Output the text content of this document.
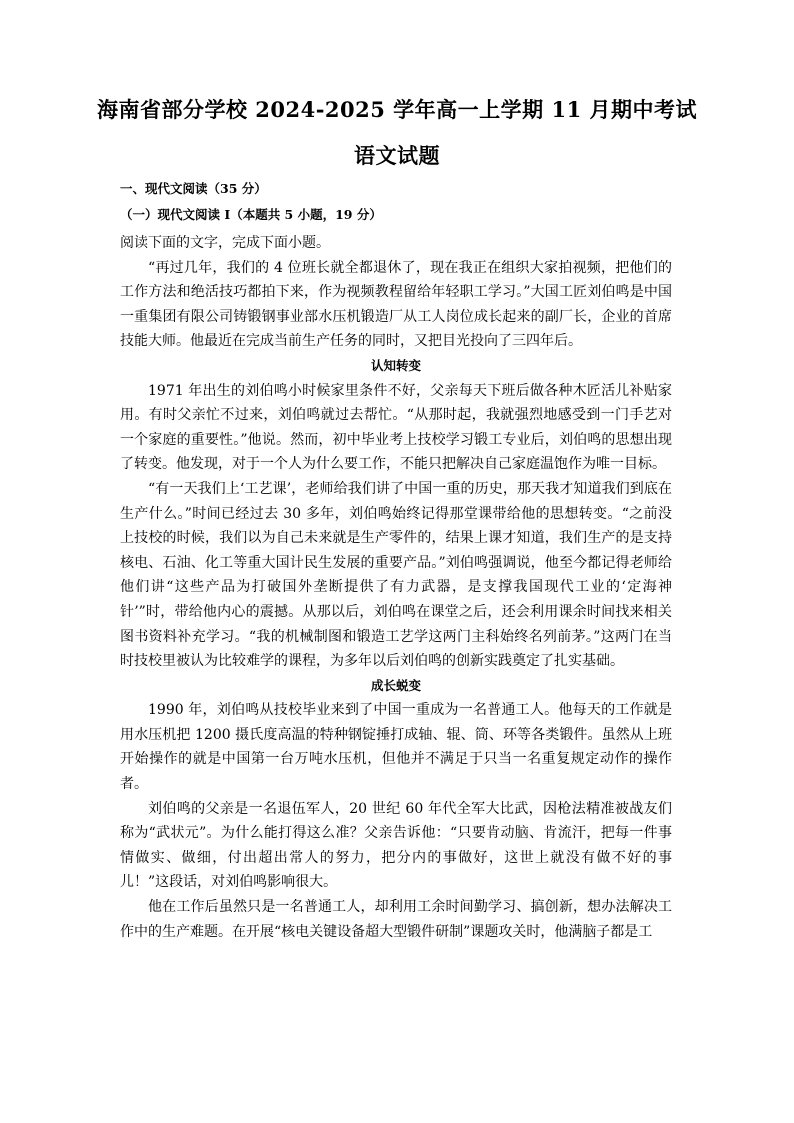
海南省部分学校 2024-2025 学年高一上学期 11 月期中考试
语文试题
一、现代文阅读（35 分）
（一）现代文阅读 I（本题共 5 小题，19 分）

阅读下面的文字，完成下面小题。

“再过几年，我们的 4 位班长就全都退休了，现在我正在组织大家拍视频，把他们的工作方法和绝活技巧都拍下来，作为视频教程留给年轻职工学习。”大国工匠刘伯鸣是中国一重集团有限公司铸锻钢事业部水压机锻造厂从工人岗位成长起来的副厂长，企业的首席技能大师。他最近在完成当前生产任务的同时，又把目光投向了三四年后。

认知转变

1971 年出生的刘伯鸣小时候家里条件不好，父亲每天下班后做各种木匠活儿补贴家用。有时父亲忙不过来，刘伯鸣就过去帮忙。“从那时起，我就强烈地感受到一门手艺对一个家庭的重要性。”他说。然而，初中毕业考上技校学习锻工专业后，刘伯鸣的思想出现了转变。他发现，对于一个人为什么要工作，不能只把解决自己家庭温饱作为唯一目标。

“有一天我们上‘工艺课’，老师给我们讲了中国一重的历史，那天我才知道我们到底在生产什么。”时间已经过去 30 多年，刘伯鸣始终记得那堂课带给他的思想转变。“之前没上技校的时候，我们以为自己未来就是生产零件的，结果上课才知道，我们生产的是支持核电、石油、化工等重大国计民生发展的重要产品。”刘伯鸣强调说，他至今都记得老师给他们讲“这些产品为打破国外垄断提供了有力武器，是支撑我国现代工业的‘定海神针’”时，带给他内心的震撼。从那以后，刘伯鸣在课堂之后，还会利用课余时间找来相关图书资料补充学习。“我的机械制图和锻造工艺学这两门主科始终名列前茅。”这两门在当时技校里被认为比较难学的课程，为多年以后刘伯鸣的创新实践奠定了扎实基础。

成长蜕变

1990 年，刘伯鸣从技校毕业来到了中国一重成为一名普通工人。他每天的工作就是用水压机把 1200 摄氏度高温的特种钢锭捶打成轴、辊、筒、环等各类锻件。虽然从上班开始操作的就是中国第一台万吨水压机，但他并不满足于只当一名重复规定动作的操作者。

刘伯鸣的父亲是一名退伍军人，20 世纪 60 年代全军大比武，因枪法精准被战友们称为“武状元”。为什么能打得这么准？父亲告诉他：“只要肯动脑、肯流汗，把每一件事情做实、做细，付出超出常人的努力，把分内的事做好，这世上就没有做不好的事儿！”这段话，对刘伯鸣影响很大。

他在工作后虽然只是一名普通工人，却利用工余时间勤学习、搞创新，想办法解决工作中的生产难题。在开展“核电关键设备超大型锻件研制”课题攻关时，他满脑子都是工
